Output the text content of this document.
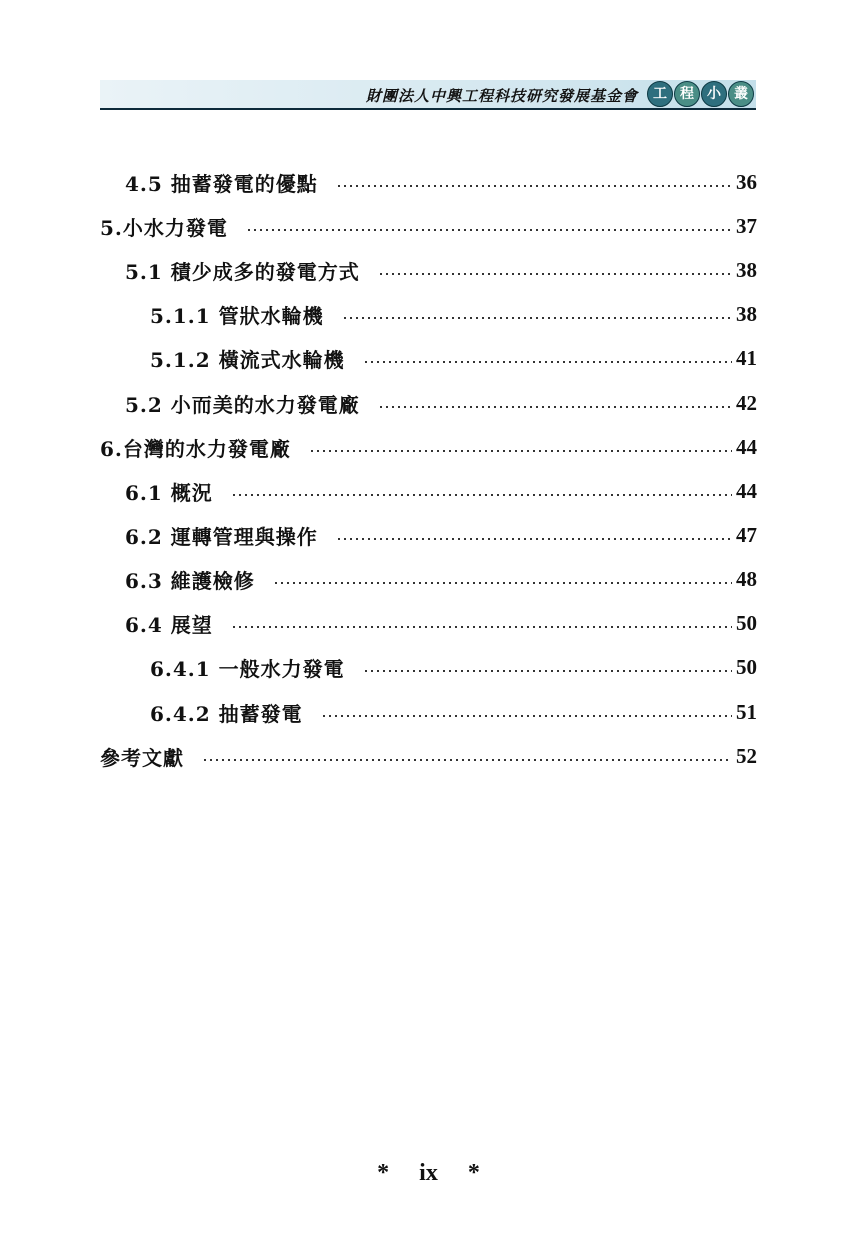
財團法人中興工程科技研究發展基金會	工 程 小 叢
4.5 抽蓄發電的優點	36
5.小水力發電	37
5.1 積少成多的發電方式	38
5.1.1 管狀水輪機	38
5.1.2 橫流式水輪機	41
5.2 小而美的水力發電廠	42
6.台灣的水力發電廠	44
6.1 概況	44
6.2 運轉管理與操作	47
6.3 維護檢修	48
6.4 展望	50
6.4.1 一般水力發電	50
6.4.2 抽蓄發電	51
參考文獻	52
* ix *
